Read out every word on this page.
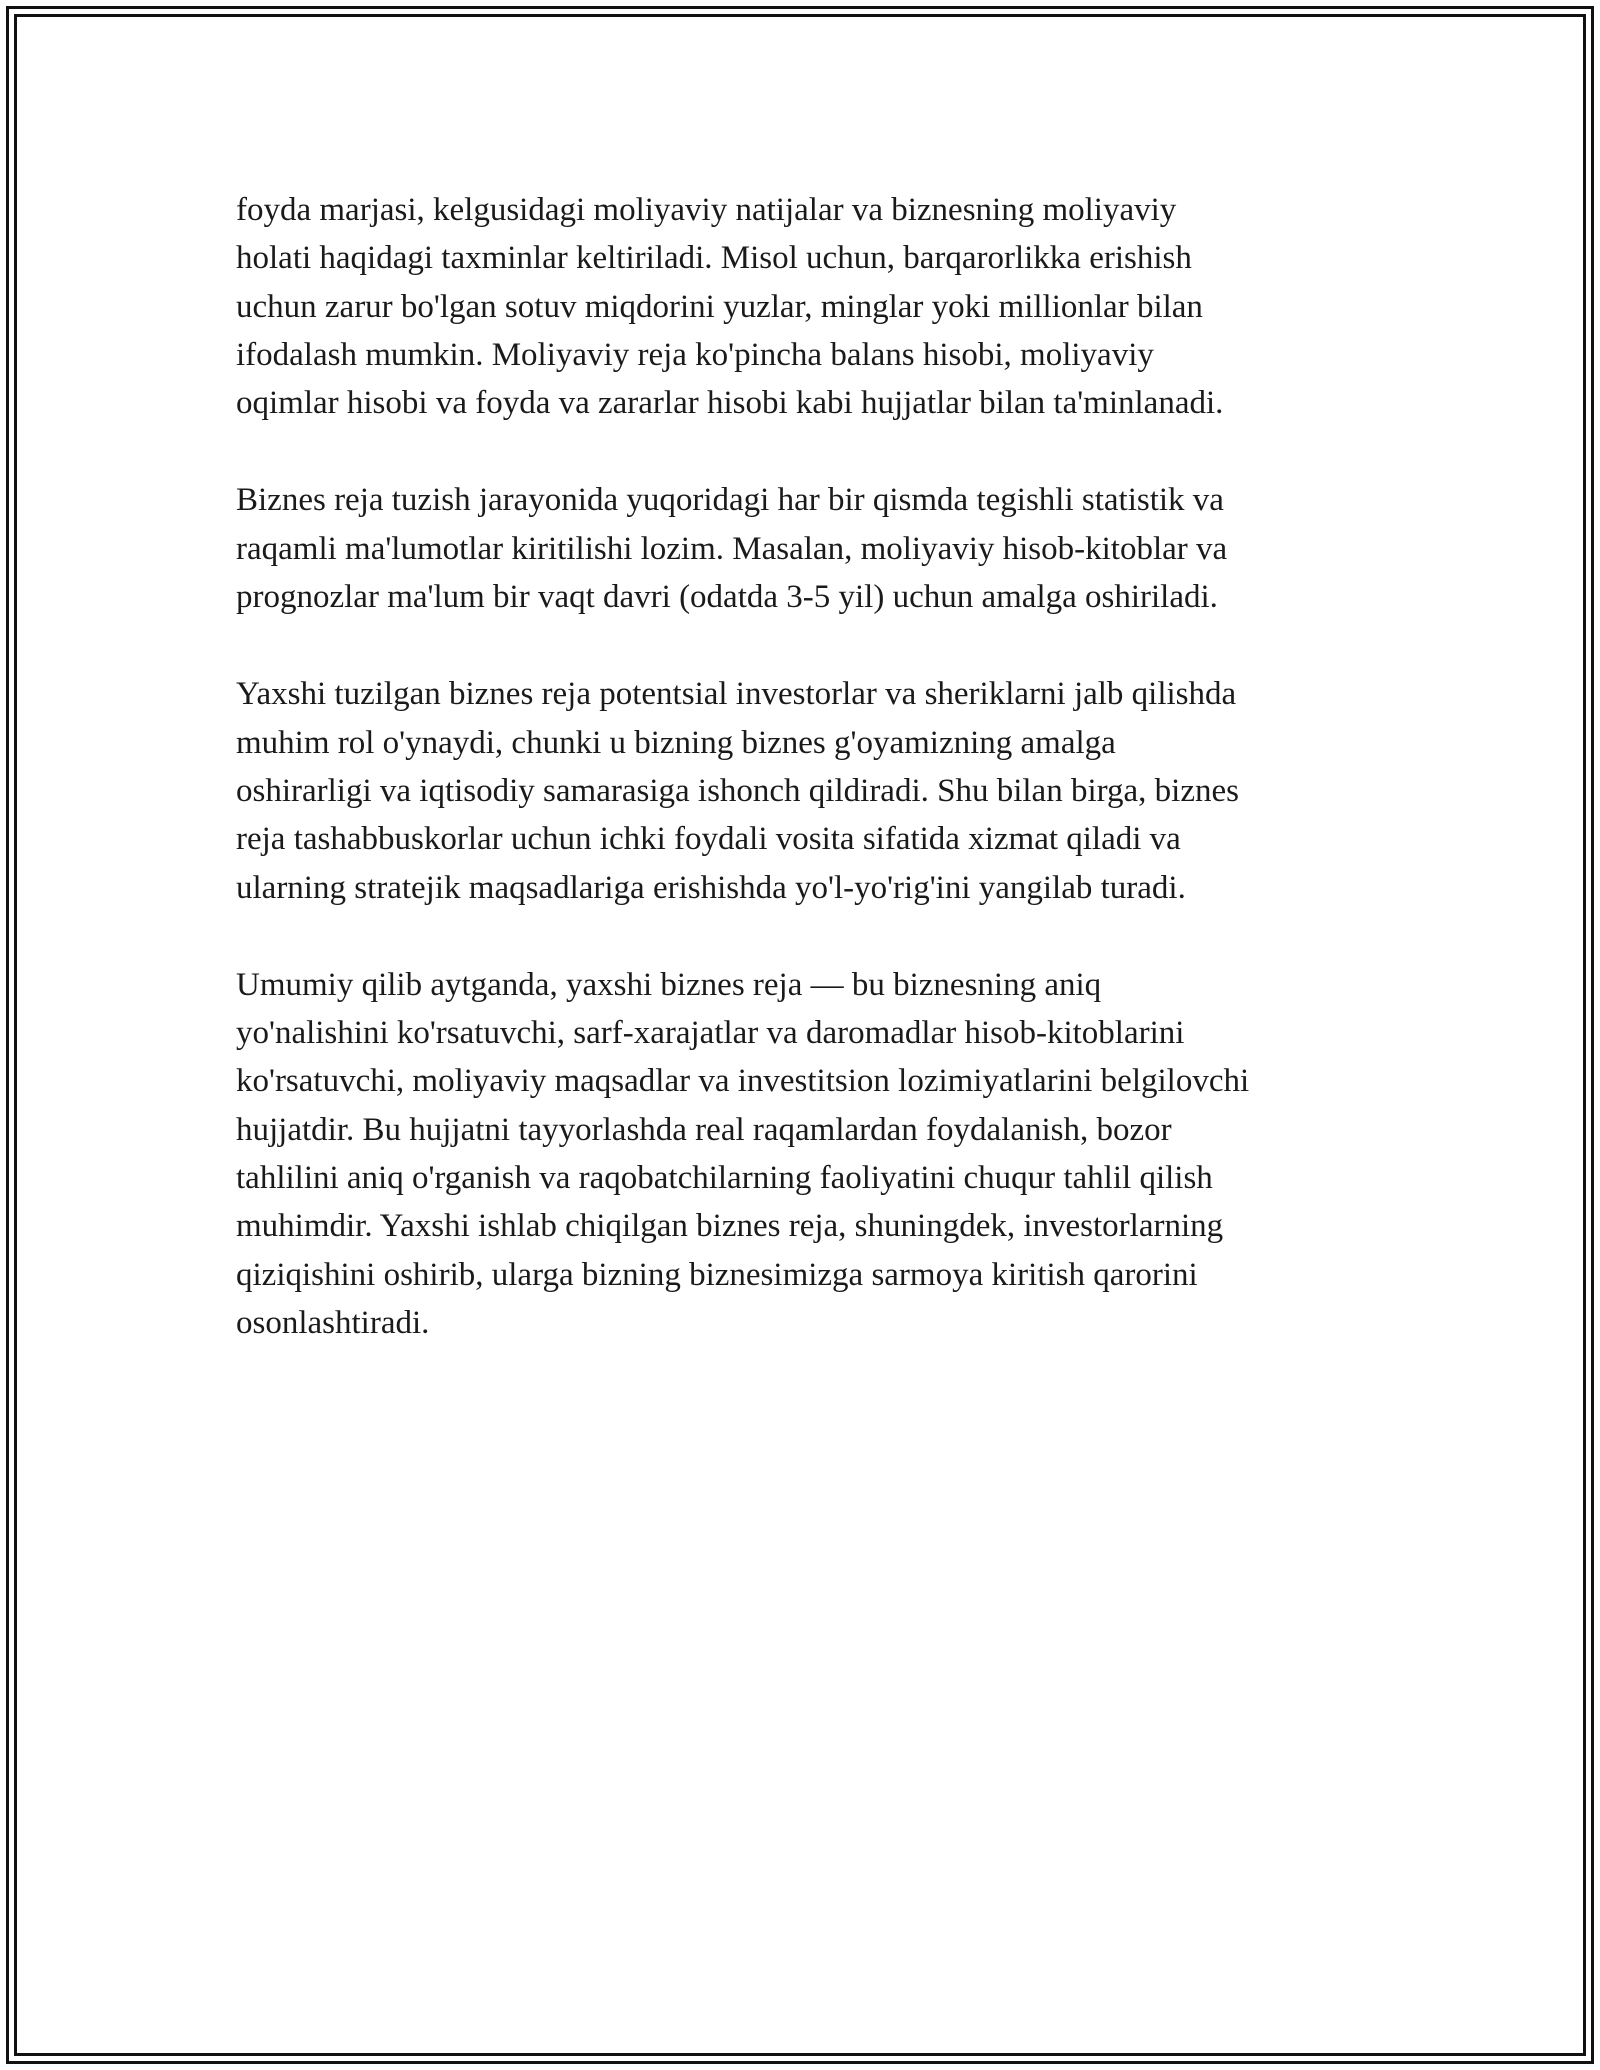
foyda marjasi, kelgusidagi moliyaviy natijalar va biznesning moliyaviy
holati haqidagi taxminlar keltiriladi. Misol uchun, barqarorlikka erishish
uchun zarur bo'lgan sotuv miqdorini yuzlar, minglar yoki millionlar bilan
ifodalash mumkin. Moliyaviy reja ko'pincha balans hisobi, moliyaviy
oqimlar hisobi va foyda va zararlar hisobi kabi hujjatlar bilan ta'minlanadi.

Biznes reja tuzish jarayonida yuqoridagi har bir qismda tegishli statistik va
raqamli ma'lumotlar kiritilishi lozim. Masalan, moliyaviy hisob-kitoblar va
prognozlar ma'lum bir vaqt davri (odatda 3-5 yil) uchun amalga oshiriladi.

Yaxshi tuzilgan biznes reja potentsial investorlar va sheriklarni jalb qilishda
muhim rol o'ynaydi, chunki u bizning biznes g'oyamizning amalga
oshirarligi va iqtisodiy samarasiga ishonch qildiradi. Shu bilan birga, biznes
reja tashabbuskorlar uchun ichki foydali vosita sifatida xizmat qiladi va
ularning stratejik maqsadlariga erishishda yo'l-yo'rig'ini yangilab turadi.

Umumiy qilib aytganda, yaxshi biznes reja — bu biznesning aniq
yo'nalishini ko'rsatuvchi, sarf-xarajatlar va daromadlar hisob-kitoblarini
ko'rsatuvchi, moliyaviy maqsadlar va investitsion lozimiyatlarini belgilovchi
hujjatdir. Bu hujjatni tayyorlashda real raqamlardan foydalanish, bozor
tahlilini aniq o'rganish va raqobatchilarning faoliyatini chuqur tahlil qilish
muhimdir. Yaxshi ishlab chiqilgan biznes reja, shuningdek, investorlarning
qiziqishini oshirib, ularga bizning biznesimizga sarmoya kiritish qarorini
osonlashtiradi.
